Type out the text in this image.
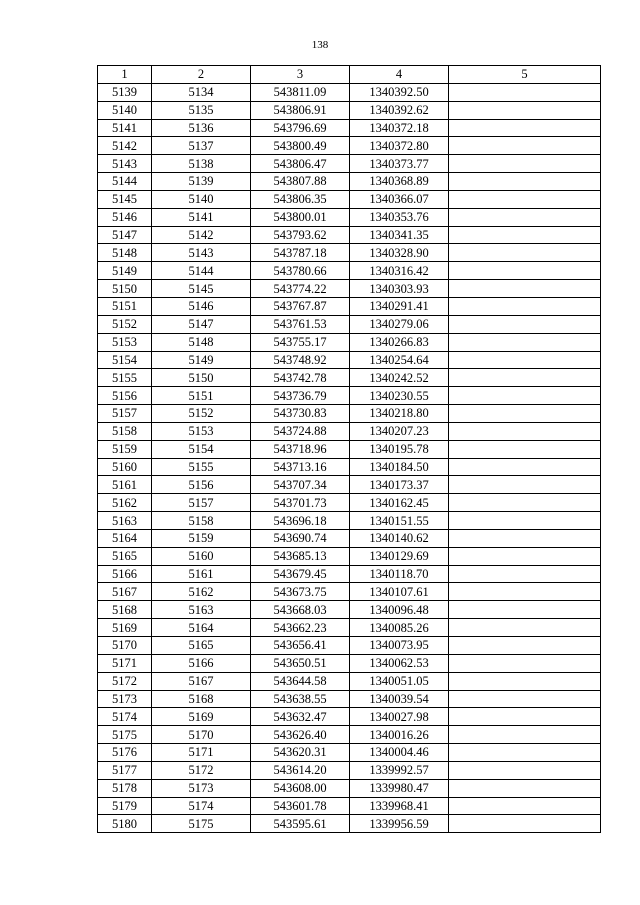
138
1	2	3	4	5
5139	5134	543811.09	1340392.50	
5140	5135	543806.91	1340392.62	
5141	5136	543796.69	1340372.18	
5142	5137	543800.49	1340372.80	
5143	5138	543806.47	1340373.77	
5144	5139	543807.88	1340368.89	
5145	5140	543806.35	1340366.07	
5146	5141	543800.01	1340353.76	
5147	5142	543793.62	1340341.35	
5148	5143	543787.18	1340328.90	
5149	5144	543780.66	1340316.42	
5150	5145	543774.22	1340303.93	
5151	5146	543767.87	1340291.41	
5152	5147	543761.53	1340279.06	
5153	5148	543755.17	1340266.83	
5154	5149	543748.92	1340254.64	
5155	5150	543742.78	1340242.52	
5156	5151	543736.79	1340230.55	
5157	5152	543730.83	1340218.80	
5158	5153	543724.88	1340207.23	
5159	5154	543718.96	1340195.78	
5160	5155	543713.16	1340184.50	
5161	5156	543707.34	1340173.37	
5162	5157	543701.73	1340162.45	
5163	5158	543696.18	1340151.55	
5164	5159	543690.74	1340140.62	
5165	5160	543685.13	1340129.69	
5166	5161	543679.45	1340118.70	
5167	5162	543673.75	1340107.61	
5168	5163	543668.03	1340096.48	
5169	5164	543662.23	1340085.26	
5170	5165	543656.41	1340073.95	
5171	5166	543650.51	1340062.53	
5172	5167	543644.58	1340051.05	
5173	5168	543638.55	1340039.54	
5174	5169	543632.47	1340027.98	
5175	5170	543626.40	1340016.26	
5176	5171	543620.31	1340004.46	
5177	5172	543614.20	1339992.57	
5178	5173	543608.00	1339980.47	
5179	5174	543601.78	1339968.41	
5180	5175	543595.61	1339956.59	
